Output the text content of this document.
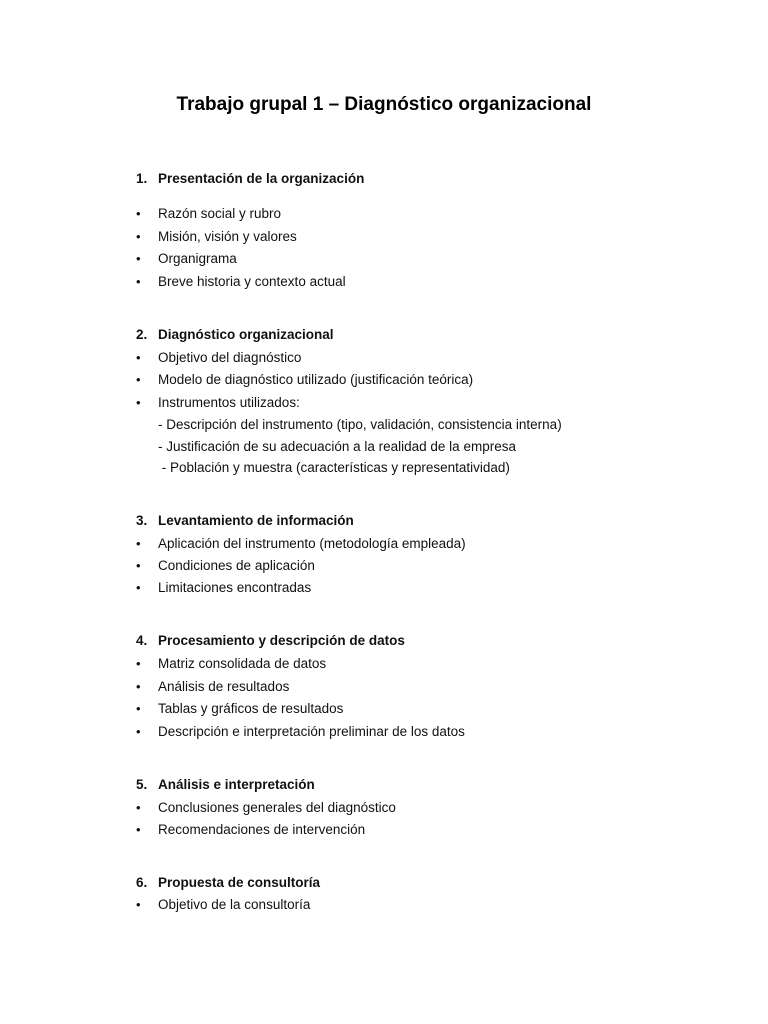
Trabajo grupal 1 – Diagnóstico organizacional
1. Presentación de la organización
• Razón social y rubro
• Misión, visión y valores
• Organigrama
• Breve historia y contexto actual
2. Diagnóstico organizacional
• Objetivo del diagnóstico
• Modelo de diagnóstico utilizado (justificación teórica)
• Instrumentos utilizados:
- Descripción del instrumento (tipo, validación, consistencia interna)
- Justificación de su adecuación a la realidad de la empresa
- Población y muestra (características y representatividad)
3. Levantamiento de información
• Aplicación del instrumento (metodología empleada)
• Condiciones de aplicación
• Limitaciones encontradas
4. Procesamiento y descripción de datos
• Matriz consolidada de datos
• Análisis de resultados
• Tablas y gráficos de resultados
• Descripción e interpretación preliminar de los datos
5. Análisis e interpretación
• Conclusiones generales del diagnóstico
• Recomendaciones de intervención
6. Propuesta de consultoría
• Objetivo de la consultoría
